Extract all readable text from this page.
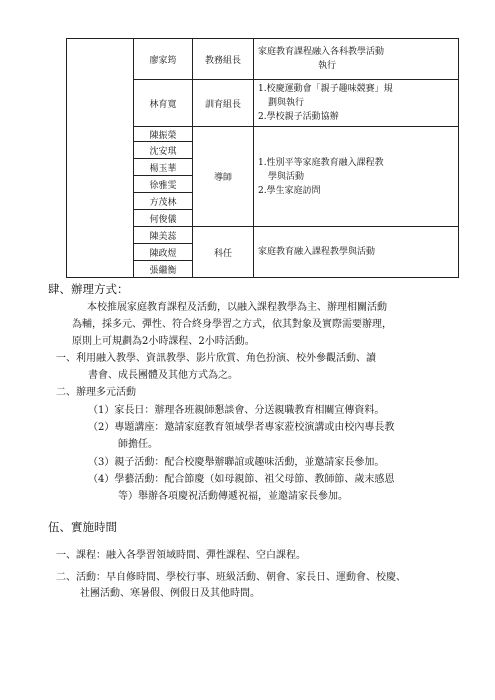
	廖家筠	教務組長	家庭教育課程融入各科教學活動
執行

	林育寬	訓育組長	1.校慶運動會「親子趣味競賽」規
劃與執行
2.學校親子活動協辦

	陳振榮	導師	1.性別平等家庭教育融入課程教
學與活動
2.學生家庭訪問

	沈安琪		
	楊玉華		
	徐雅雯		
	方茂林		
	何俊儀		
	陳美蕊	科任	家庭教育融入課程教學與活動

	陳政煜		
	張繼衡		
肆、辦理方式：
本校推展家庭教育課程及活動，以融入課程教學為主、辦理相關活動
為輔，採多元、彈性、符合終身學習之方式，依其對象及實際需要辦理，
原則上可規劃為2小時課程、2小時活動。
一、利用融入教學、資訊教學、影片欣賞、角色扮演、校外參觀活動、讀
書會、成長團體及其他方式為之。
二、辦理多元活動
（1）家長日：辦理各班親師懇談會、分送親職教育相關宣傳資料。
（2）專題講座：邀請家庭教育領域學者專家蒞校演講或由校內專長教
師擔任。
（3）親子活動：配合校慶舉辦聯誼或趣味活動，並邀請家長參加。
（4）學藝活動：配合節慶（如母親節、祖父母節、教師節、歲末感恩
等）舉辦各項慶祝活動傳遞祝福，並邀請家長參加。
伍、實施時間
一、課程：融入各學習領域時間、彈性課程、空白課程。
二、活動：早自修時間、學校行事、班級活動、朝會、家長日、運動會、校慶、
社團活動、寒暑假、例假日及其他時間。
